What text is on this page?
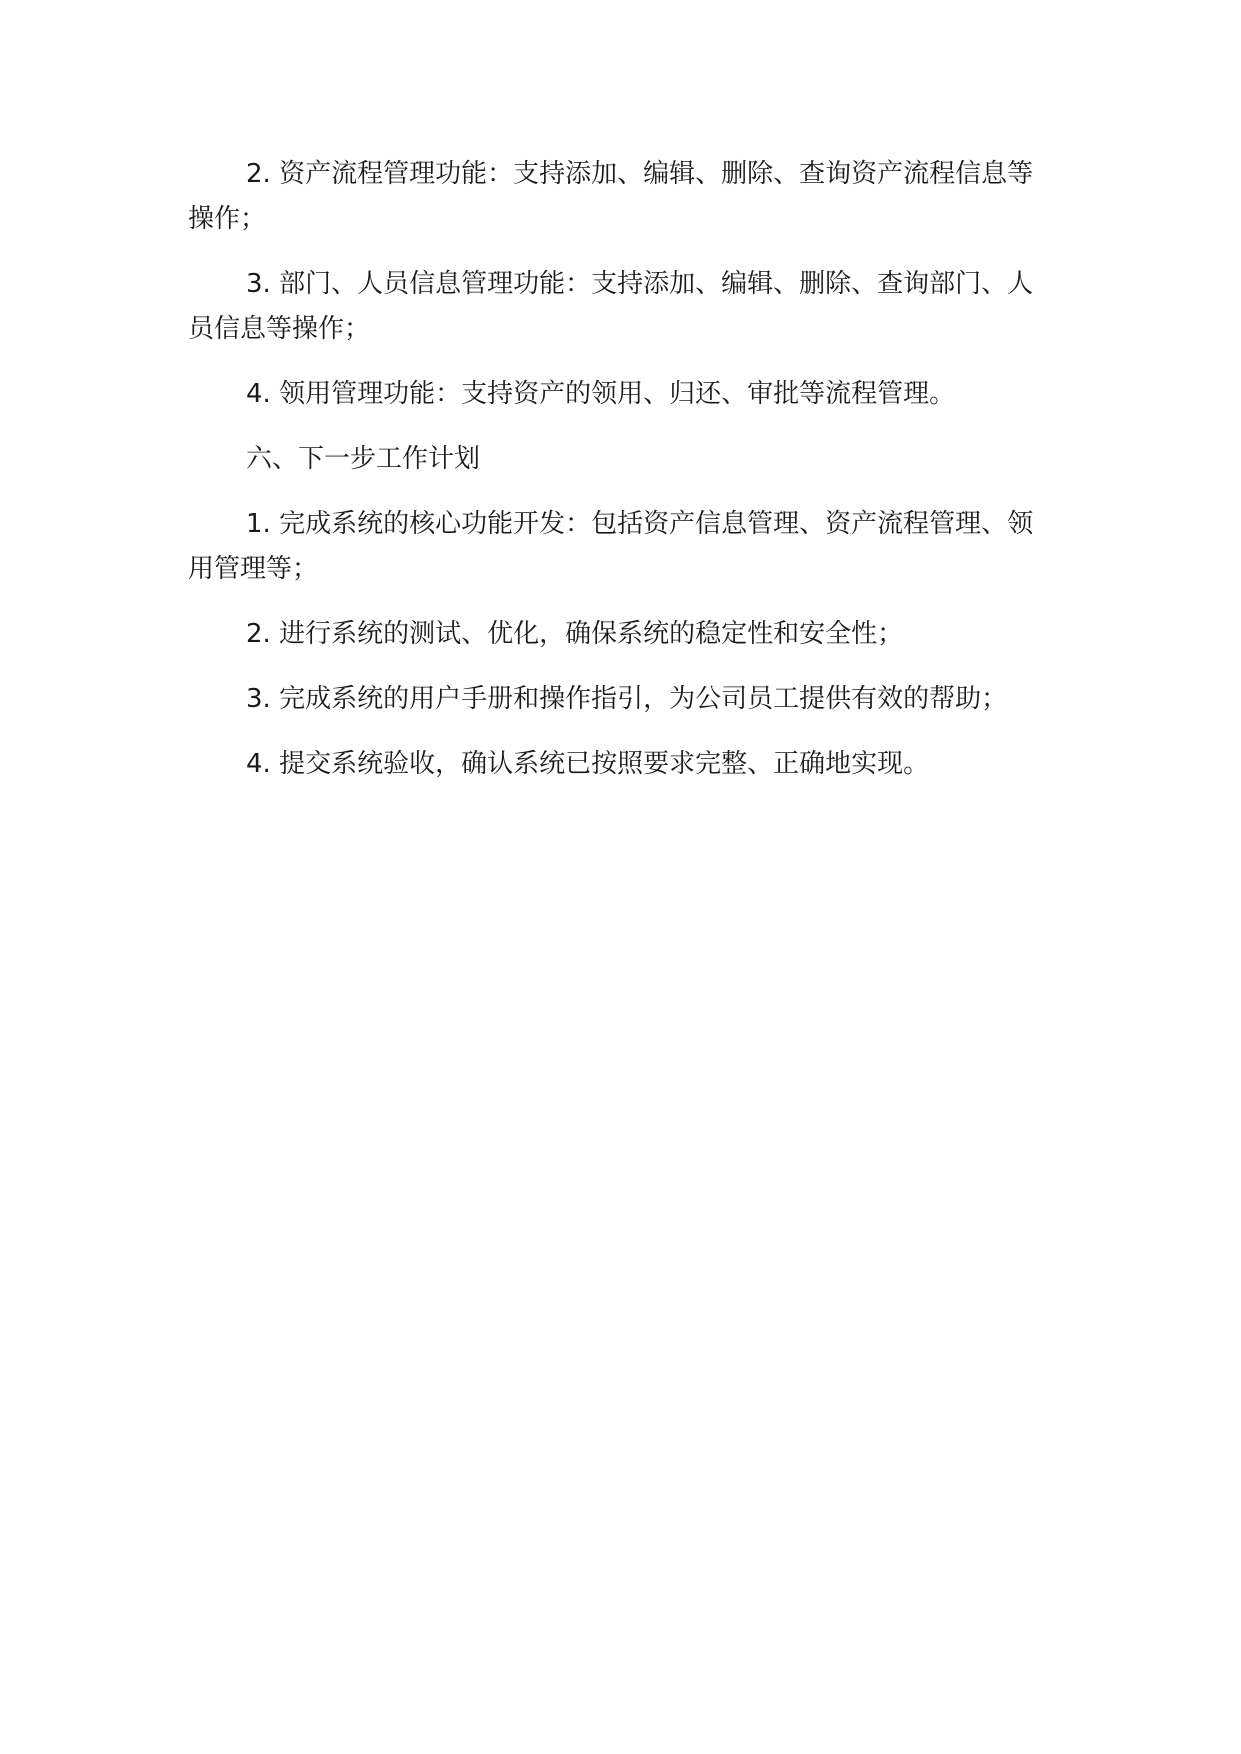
2. 资产流程管理功能：支持添加、编辑、删除、查询资产流程信息等操作；

3. 部门、人员信息管理功能：支持添加、编辑、删除、查询部门、人员信息等操作；

4. 领用管理功能：支持资产的领用、归还、审批等流程管理。

六、下一步工作计划

1. 完成系统的核心功能开发：包括资产信息管理、资产流程管理、领用管理等；

2. 进行系统的测试、优化，确保系统的稳定性和安全性；

3. 完成系统的用户手册和操作指引，为公司员工提供有效的帮助；

4. 提交系统验收，确认系统已按照要求完整、正确地实现。
